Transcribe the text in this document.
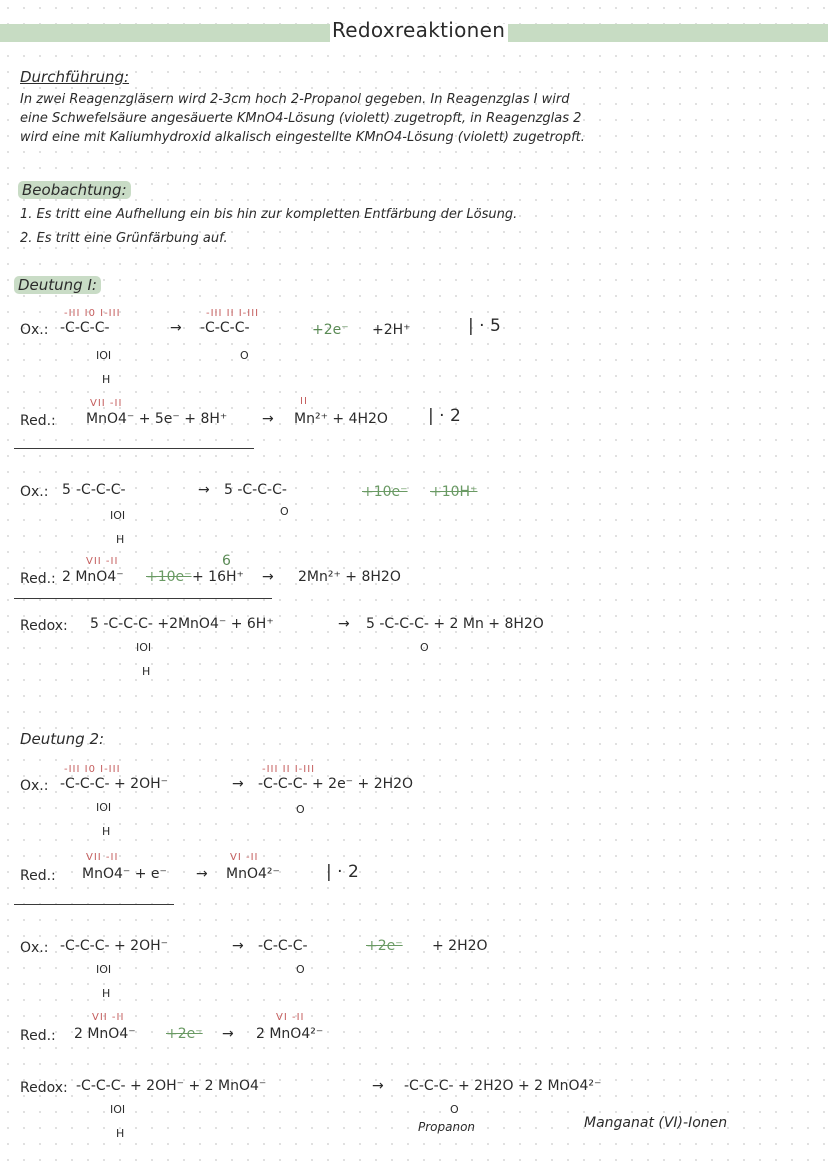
Redoxreaktionen
Durchführung:
In zwei Reagenzgläsern wird 2-3cm hoch 2-Propanol gegeben. In Reagenzglas I wird
eine Schwefelsäure angesäuerte KMnO4-Lösung (violett) zugetropft, in Reagenzglas 2
wird eine mit Kaliumhydroxid alkalisch eingestellte KMnO4-Lösung (violett) zugetropft.
Beobachtung:
1. Es tritt eine Aufhellung ein bis hin zur kompletten Entfärbung der Lösung.
2. Es tritt eine Grünfärbung auf.
Deutung I:
Ox.:
-III I0 I-III
-C-C-C-
IOI
H
→
-III II I-III
-C-C-C-
O
+2e⁻ +2H⁺	| · 5
VII -II
Red.: MnO4⁻ + 5e⁻ + 8H⁺ →
II
Mn²⁺ + 4H2O | · 2
Ox.: 5 -C-C-C-
IOI
H
→ 5 -C-C-C-
O
+10e⁻ +10H⁺
VII -II
Red.: 2 MnO4⁻ +10e⁻ + 16H⁺
6
→ 2Mn²⁺ + 8H2O
Redox: 5 -C-C-C- +2MnO4⁻ + 6H⁺
IOI
H
→ 5 -C-C-C- + 2 Mn + 8H2O
O
Deutung 2:
-III I0 I-III
Ox.: -C-C-C- + 2OH⁻
IOI
H
→
-III II I-III
-C-C-C- + 2e⁻ + 2H2O
O
VII -II
Red.: MnO4⁻ + e⁻ →
VI -II
MnO4²⁻	| · 2
Ox.: -C-C-C- + 2OH⁻
IOI
H
→ -C-C-C-
O
+2e⁻ + 2H2O
VII -II
Red.: 2 MnO4⁻ +2e⁻ →
VI -II
2 MnO4²⁻
Redox: -C-C-C- + 2OH⁻ + 2 MnO4⁻
IOI
H
→ -C-C-C- + 2H2O + 2 MnO4²⁻
O
Propanon	Manganat (VI)-Ionen
